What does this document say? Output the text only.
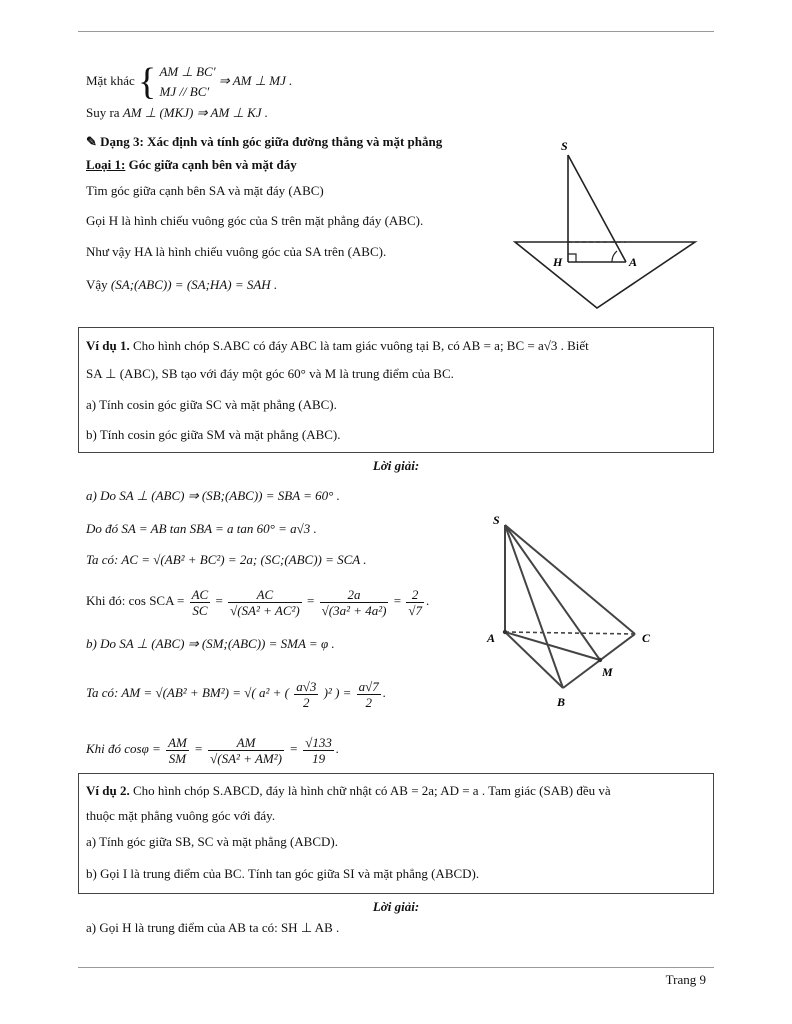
Mặt khác { AM ⊥ BC′
MJ // BC′
⇒ AM ⊥ MJ .
Suy ra AM ⊥ (MKJ) ⇒ AM ⊥ KJ .
✎ Dạng 3: Xác định và tính góc giữa đường thẳng và mặt phẳng
Loại 1: Góc giữa cạnh bên và mặt đáy
Tìm góc giữa cạnh bên SA và mặt đáy (ABC)
Gọi H là hình chiếu vuông góc của S trên mặt phẳng đáy (ABC).
Như vậy HA là hình chiếu vuông góc của SA trên (ABC).
Vậy (SA;(ABC)) = (SA;HA) = SAH .
S
H	A
Ví dụ 1. Cho hình chóp S.ABC có đáy ABC là tam giác vuông tại B, có AB = a; BC = a√3 . Biết
SA ⊥ (ABC), SB tạo với đáy một góc 60° và M là trung điểm của BC.
a) Tính cosin góc giữa SC và mặt phẳng (ABC).
b) Tính cosin góc giữa SM và mặt phẳng (ABC).
Lời giải:
a) Do SA ⊥ (ABC) ⇒ (SB;(ABC)) = SBA = 60° .
Do đó SA = AB tan SBA = a tan 60° = a√3 .
Ta có: AC = √(AB² + BC²) = 2a; (SC;(ABC)) = SCA .
Khi đó: cos SCA = $\frac{AC}{SC} = \frac{AC}{\text{√(SA² + AC²)}} = \frac{2a}{\text{√(3a² + 4a²)}} = \frac{2}{√7}$ .
b) Do SA ⊥ (ABC) ⇒ (SM;(ABC)) = SMA = φ .
Ta có: AM = √(AB² + BM²) = √( a² + ( $\frac{a√3}{2} )^2$ ) = $\frac{a√7}{2}$ .
Khi đó $\cos\varphi = \frac{AM}{SM} = \frac{AM}{\text{√(SA² + AM²)}} = \frac{√133}{19}$ .
S
A	C
M
B
Ví dụ 2. Cho hình chóp S.ABCD, đáy là hình chữ nhật có AB = 2a; AD = a . Tam giác (SAB) đều và
thuộc mặt phẳng vuông góc với đáy.
a) Tính góc giữa SB, SC và mặt phẳng (ABCD).
b) Gọi I là trung điểm của BC. Tính tan góc giữa SI và mặt phẳng (ABCD).
Lời giải:
a) Gọi H là trung điểm của AB ta có: SH ⊥ AB .
Trang 9
